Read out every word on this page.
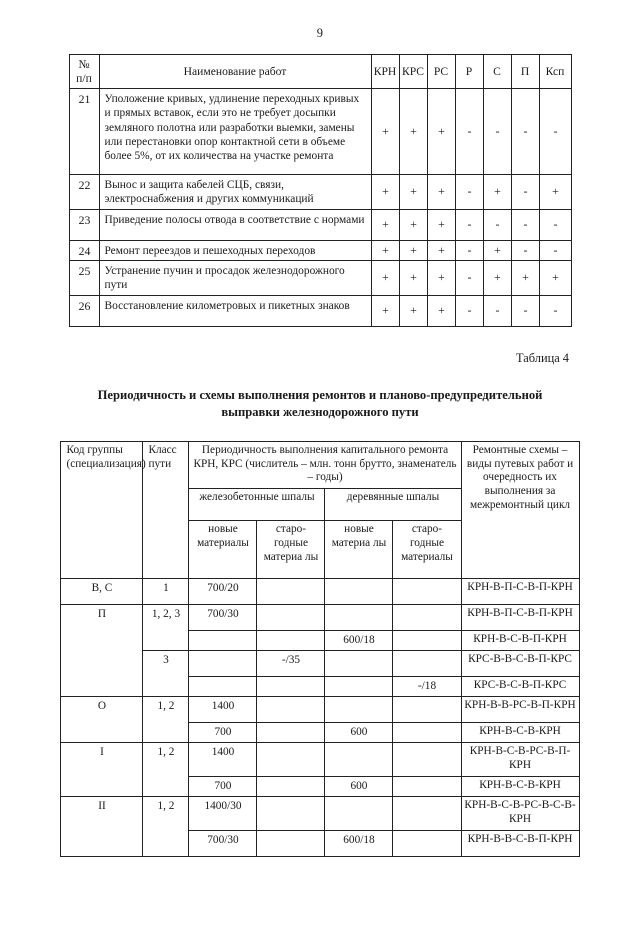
9
№
п/п	Наименование работ	КРН	КРС	РС	Р	С	П	Ксп
21	Уположение кривых, удлинение переходных кривых и прямых вставок, если это не требует досыпки земляного полотна или разработки выемки, замены или перестановки опор контактной сети в объеме более 5%, от их количества на участке ремонта	+	+	+	-	-	-	-
22	Вынос и защита кабелей СЦБ, связи, электроснабжения и других коммуникаций	+	+	+	-	+	-	+
23	Приведение полосы отвода в соответствие с нормами	+	+	+	-	-	-	-
24	Ремонт переездов и пешеходных переходов	+	+	+	-	+	-	-
25	Устранение пучин и просадок железнодорожного пути	+	+	+	-	+	+	+
26	Восстановление километровых и пикетных знаков	+	+	+	-	-	-	-
Таблица 4
Периодичность и схемы выполнения ремонтов и планово-предупредительной выправки железнодорожного пути
Код группы (специализация)	Класс пути	Периодичность выполнения капитального ремонта КРН, КРС (числитель – млн. тонн брутто, знаменатель – годы)				Ремонтные схемы – виды путевых работ и очередность их выполнения за межремонтный цикл
		железобетонные шпалы		деревянные шпалы		
		новые материалы	старо- годные материа лы	новые материа лы	старо- годные материалы	
В, С	1	700/20				КРН-В-П-С-В-П-КРН
П	1, 2, 3	700/30				КРН-В-П-С-В-П-КРН
				600/18		КРН-В-С-В-П-КРН
	3		-/35			КРС-В-В-С-В-П-КРС
					-/18	КРС-В-С-В-П-КРС
О	1, 2	1400				КРН-В-В-РС-В-П-КРН
		700		600		КРН-В-С-В-КРН
I	1, 2	1400				КРН-В-С-В-РС-В-П-КРН
		700		600		КРН-В-С-В-КРН
II	1, 2	1400/30				КРН-В-С-В-РС-В-С-В-КРН
		700/30		600/18		КРН-В-В-С-В-П-КРН
